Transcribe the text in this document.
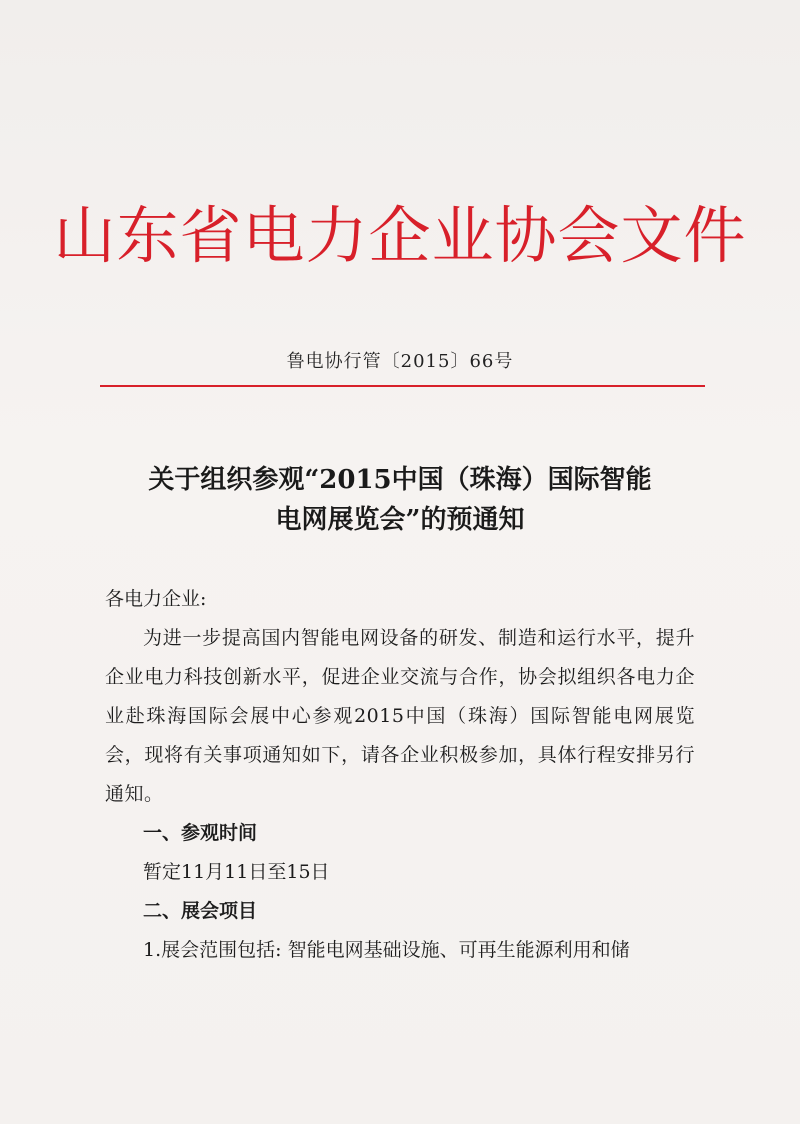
山东省电力企业协会文件
鲁电协行管〔2015〕66号
关于组织参观“2015中国（珠海）国际智能
电网展览会”的预通知

各电力企业:

为进一步提高国内智能电网设备的研发、制造和运行水平，提升企业电力科技创新水平，促进企业交流与合作，协会拟组织各电力企业赴珠海国际会展中心参观2015中国（珠海）国际智能电网展览会，现将有关事项通知如下，请各企业积极参加，具体行程安排另行通知。

一、参观时间

暂定11月11日至15日

二、展会项目

1.展会范围包括: 智能电网基础设施、可再生能源利用和储
